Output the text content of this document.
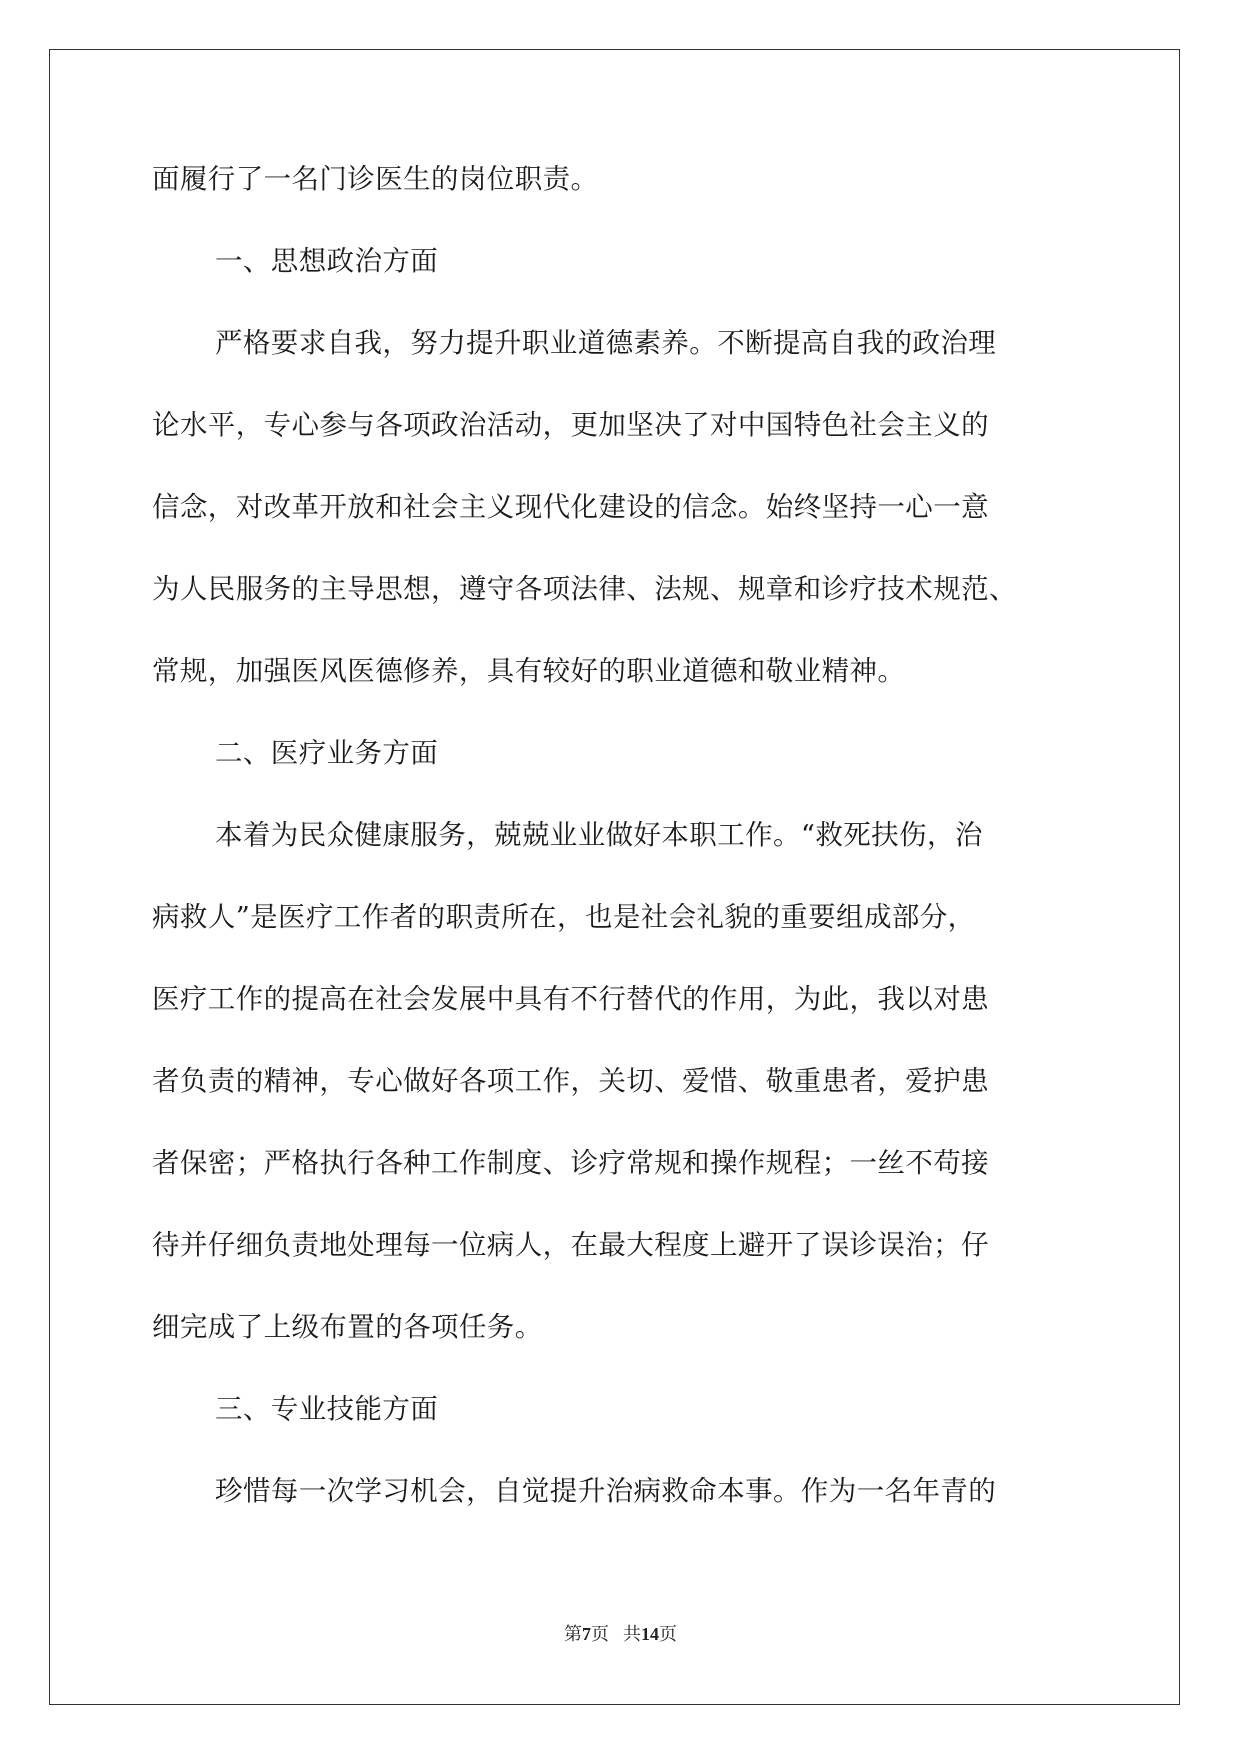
面履行了一名门诊医生的岗位职责。
一、思想政治方面
严格要求自我，努力提升职业道德素养。不断提高自我的政治理
论水平，专心参与各项政治活动，更加坚决了对中国特色社会主义的
信念，对改革开放和社会主义现代化建设的信念。始终坚持一心一意
为人民服务的主导思想，遵守各项法律、法规、规章和诊疗技术规范、
常规，加强医风医德修养，具有较好的职业道德和敬业精神。
二、医疗业务方面
本着为民众健康服务，兢兢业业做好本职工作。“救死扶伤，治
病救人”是医疗工作者的职责所在，也是社会礼貌的重要组成部分，
医疗工作的提高在社会发展中具有不行替代的作用，为此，我以对患
者负责的精神，专心做好各项工作，关切、爱惜、敬重患者，爱护患
者保密；严格执行各种工作制度、诊疗常规和操作规程；一丝不苟接
待并仔细负责地处理每一位病人，在最大程度上避开了误诊误治；仔
细完成了上级布置的各项任务。
三、专业技能方面
珍惜每一次学习机会，自觉提升治病救命本事。作为一名年青的
第7页 共14页
